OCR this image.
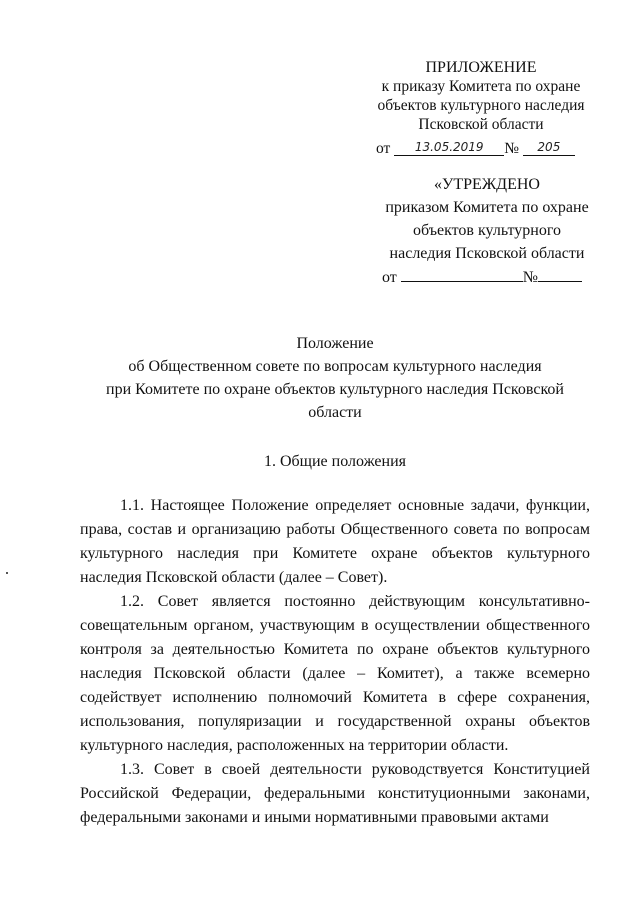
ПРИЛОЖЕНИЕ
к приказу Комитета по охране
объектов культурного наследия
Псковской области
от 13.05.2019 № 205
«УТРЕЖДЕНО
приказом Комитета по охране
объектов культурного
наследия Псковской области
от	№
Положение
об Общественном совете по вопросам культурного наследия
при Комитете по охране объектов культурного наследия Псковской
области
1. Общие положения

1.1. Настоящее Положение определяет основные задачи, функции, права, состав и организацию работы Общественного совета по вопросам культурного наследия при Комитете охране объектов культурного наследия Псковской области (далее – Совет).

1.2. Совет является постоянно действующим консультативно-совещательным органом, участвующим в осуществлении общественного контроля за деятельностью Комитета по охране объектов культурного наследия Псковской области (далее – Комитет), а также всемерно содействует исполнению полномочий Комитета в сфере сохранения, использования, популяризации и государственной охраны объектов культурного наследия, расположенных на территории области.

1.3. Совет в своей деятельности руководствуется Конституцией Российской Федерации, федеральными конституционными законами, федеральными законами и иными нормативными правовыми актами
